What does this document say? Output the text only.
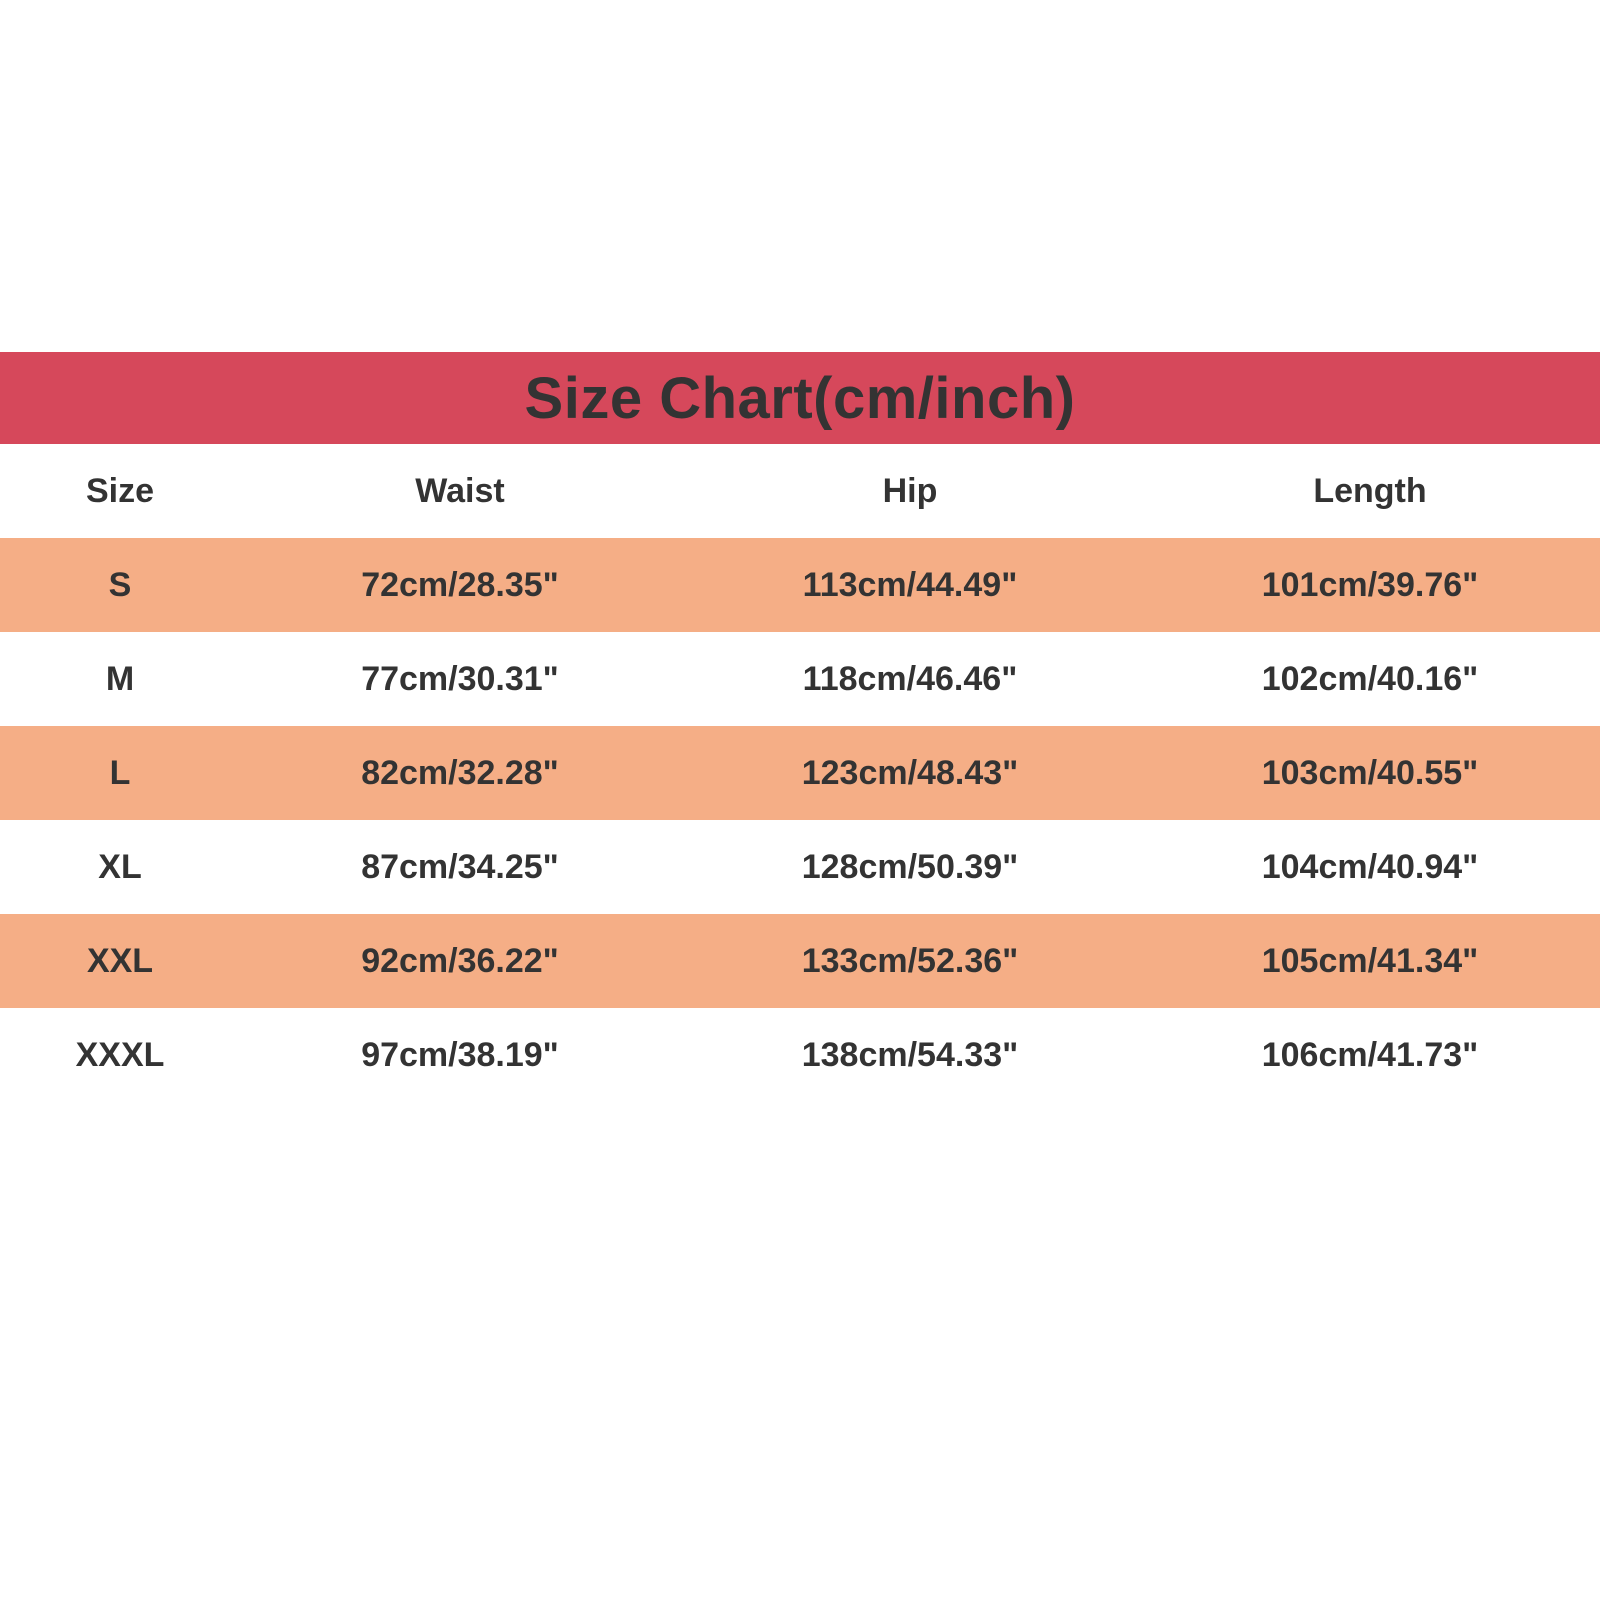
Size Chart(cm/inch)
Size	Waist	Hip	Length
S	72cm/28.35"	113cm/44.49"	101cm/39.76"
M	77cm/30.31"	118cm/46.46"	102cm/40.16"
L	82cm/32.28"	123cm/48.43"	103cm/40.55"
XL	87cm/34.25"	128cm/50.39"	104cm/40.94"
XXL	92cm/36.22"	133cm/52.36"	105cm/41.34"
XXXL	97cm/38.19"	138cm/54.33"	106cm/41.73"
